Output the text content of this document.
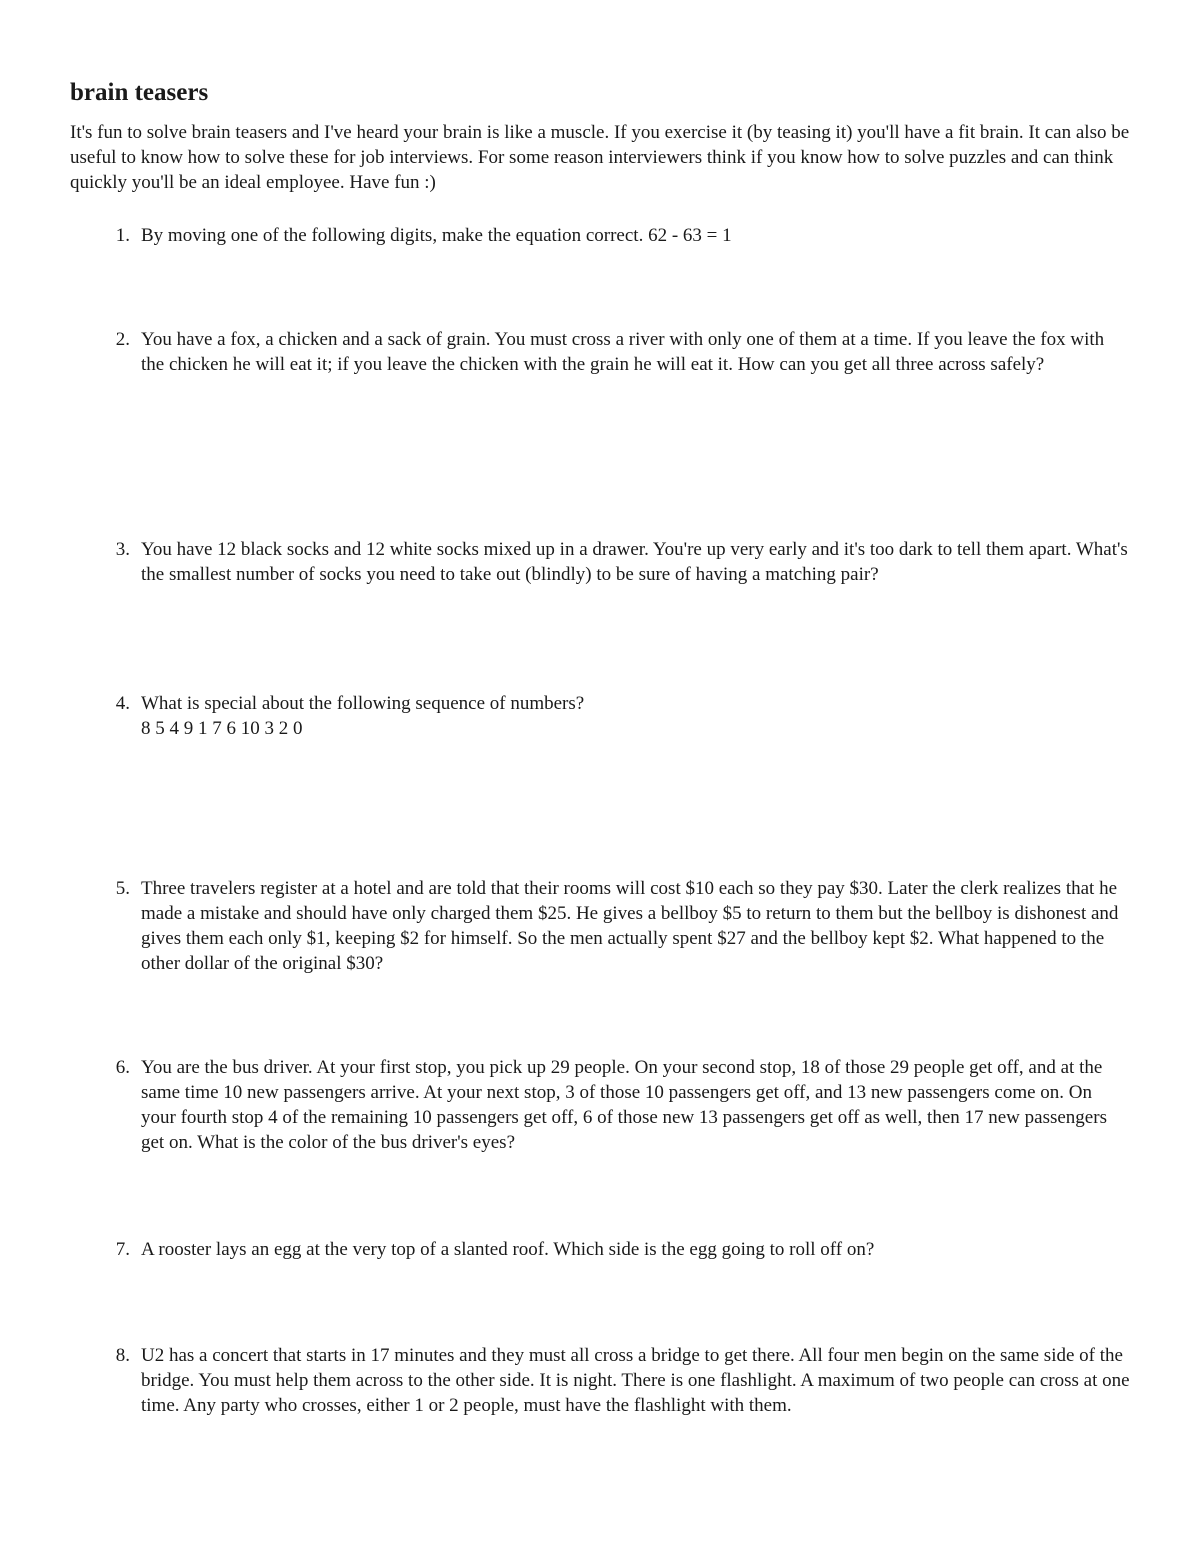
brain teasers

It's fun to solve brain teasers and I've heard your brain is like a muscle. If you exercise it (by teasing it) you'll have a fit brain. It can also be useful to know how to solve these for job interviews. For some reason interviewers think if you know how to solve puzzles and can think quickly you'll be an ideal employee. Have fun :)

1. By moving one of the following digits, make the equation correct. 62 - 63 = 1
2. You have a fox, a chicken and a sack of grain. You must cross a river with only one of them at a time. If you leave the fox with the chicken he will eat it; if you leave the chicken with the grain he will eat it. How can you get all three across safely?
3. You have 12 black socks and 12 white socks mixed up in a drawer. You're up very early and it's too dark to tell them apart. What's the smallest number of socks you need to take out (blindly) to be sure of having a matching pair?
4. What is special about the following sequence of numbers?
8 5 4 9 1 7 6 10 3 2 0
5. Three travelers register at a hotel and are told that their rooms will cost $10 each so they pay $30. Later the clerk realizes that he made a mistake and should have only charged them $25. He gives a bellboy $5 to return to them but the bellboy is dishonest and gives them each only $1, keeping $2 for himself. So the men actually spent $27 and the bellboy kept $2. What happened to the other dollar of the original $30?
6. You are the bus driver. At your first stop, you pick up 29 people. On your second stop, 18 of those 29 people get off, and at the same time 10 new passengers arrive. At your next stop, 3 of those 10 passengers get off, and 13 new passengers come on. On your fourth stop 4 of the remaining 10 passengers get off, 6 of those new 13 passengers get off as well, then 17 new passengers get on. What is the color of the bus driver's eyes?
7. A rooster lays an egg at the very top of a slanted roof. Which side is the egg going to roll off on?
8. U2 has a concert that starts in 17 minutes and they must all cross a bridge to get there. All four men begin on the same side of the bridge. You must help them across to the other side. It is night. There is one flashlight. A maximum of two people can cross at one time. Any party who crosses, either 1 or 2 people, must have the flashlight with them.
